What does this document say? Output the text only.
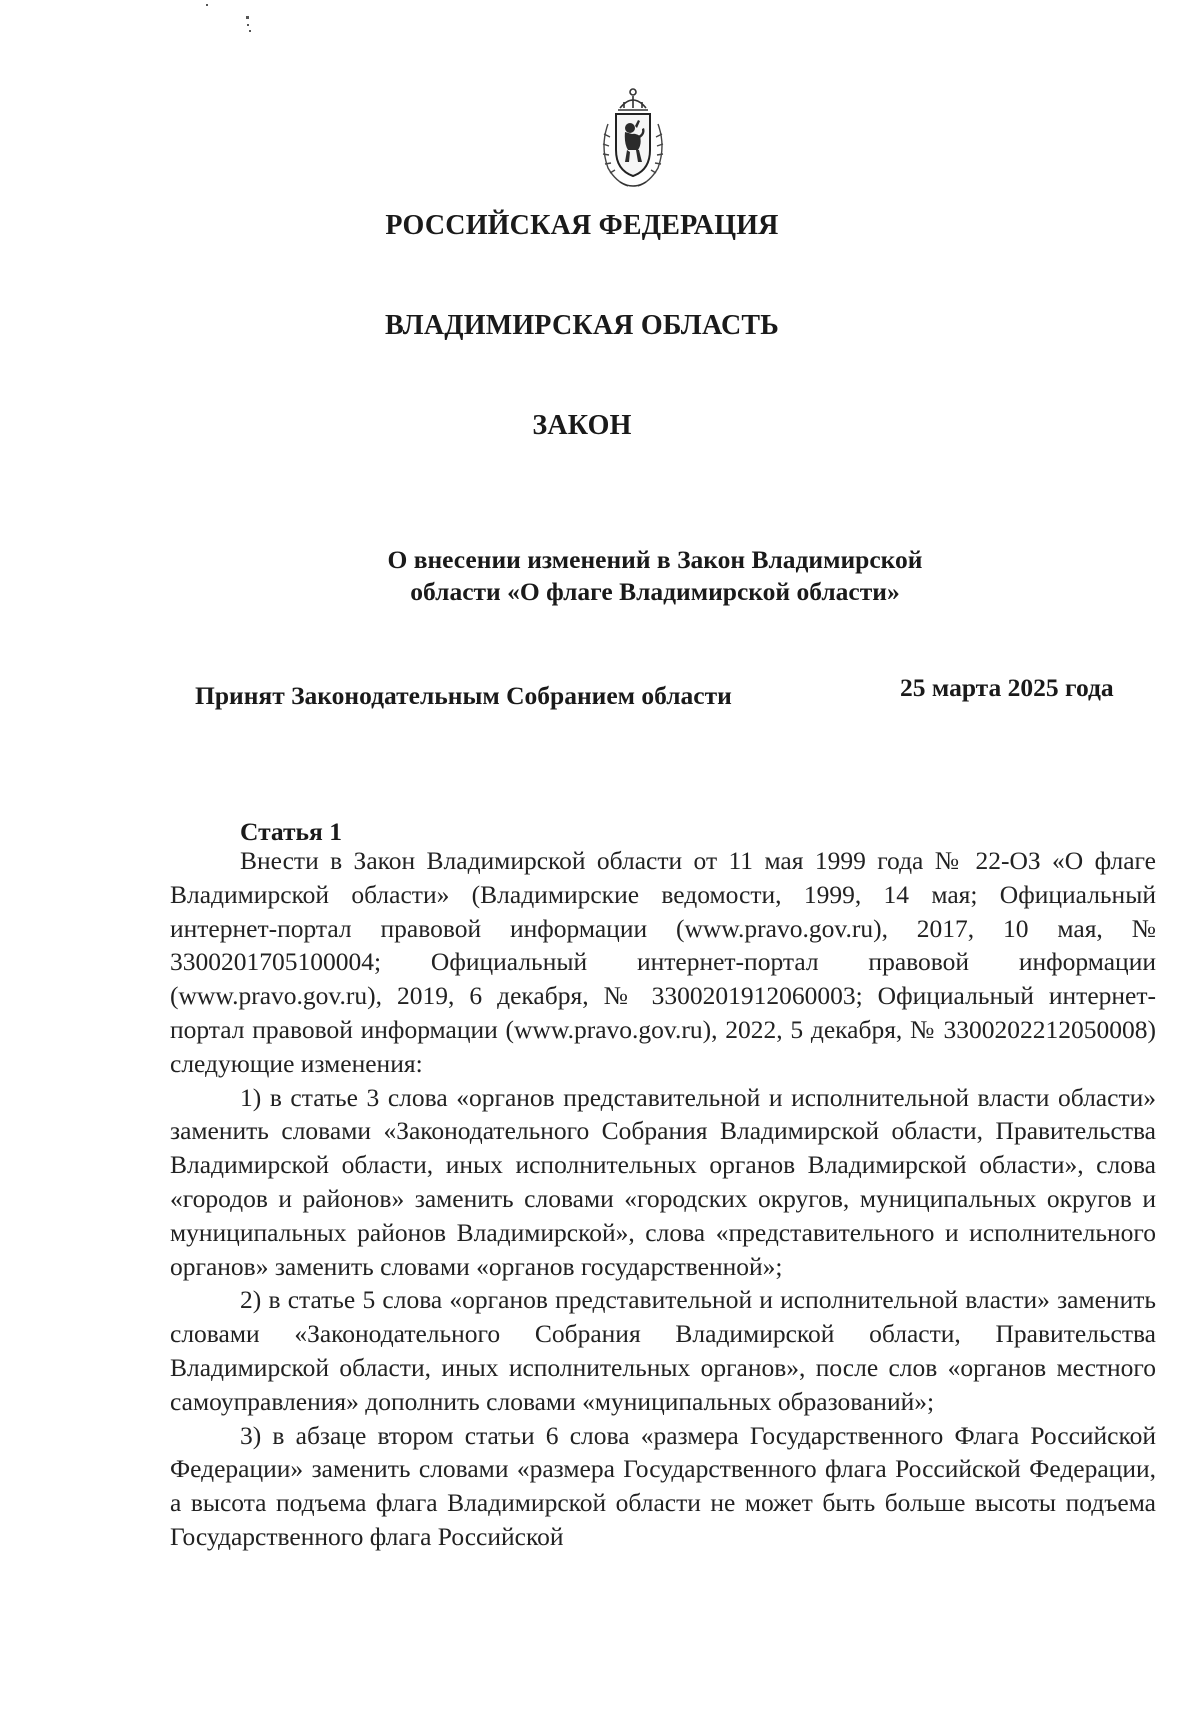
РОССИЙСКАЯ ФЕДЕРАЦИЯ
ВЛАДИМИРСКАЯ ОБЛАСТЬ
ЗАКОН
О внесении изменений в Закон Владимирской
области «О флаге Владимирской области»
Принят Законодательным Собранием области	25 марта 2025 года
Статья 1

Внести в Закон Владимирской области от 11 мая 1999 года № 22-ОЗ «О флаге Владимирской области» (Владимирские ведомости, 1999, 14 мая; Официальный интернет-портал правовой информации (www.pravo.gov.ru), 2017, 10 мая, № 3300201705100004; Официальный интернет-портал правовой информации (www.pravo.gov.ru), 2019, 6 декабря, № 3300201912060003; Официальный интернет-портал правовой информации (www.pravo.gov.ru), 2022, 5 декабря, № 3300202212050008) следующие изменения:

1) в статье 3 слова «органов представительной и исполнительной власти области» заменить словами «Законодательного Собрания Владимирской области, Правительства Владимирской области, иных исполнительных органов Владимирской области», слова «городов и районов» заменить словами «городских округов, муниципальных округов и муниципальных районов Владимирской», слова «представительного и исполнительного органов» заменить словами «органов государственной»;

2) в статье 5 слова «органов представительной и исполнительной власти» заменить словами «Законодательного Собрания Владимирской области, Правительства Владимирской области, иных исполнительных органов», после слов «органов местного самоуправления» дополнить словами «муниципальных образований»;

3) в абзаце втором статьи 6 слова «размера Государственного Флага Российской Федерации» заменить словами «размера Государственного флага Российской Федерации, а высота подъема флага Владимирской области не может быть больше высоты подъема Государственного флага Российской
